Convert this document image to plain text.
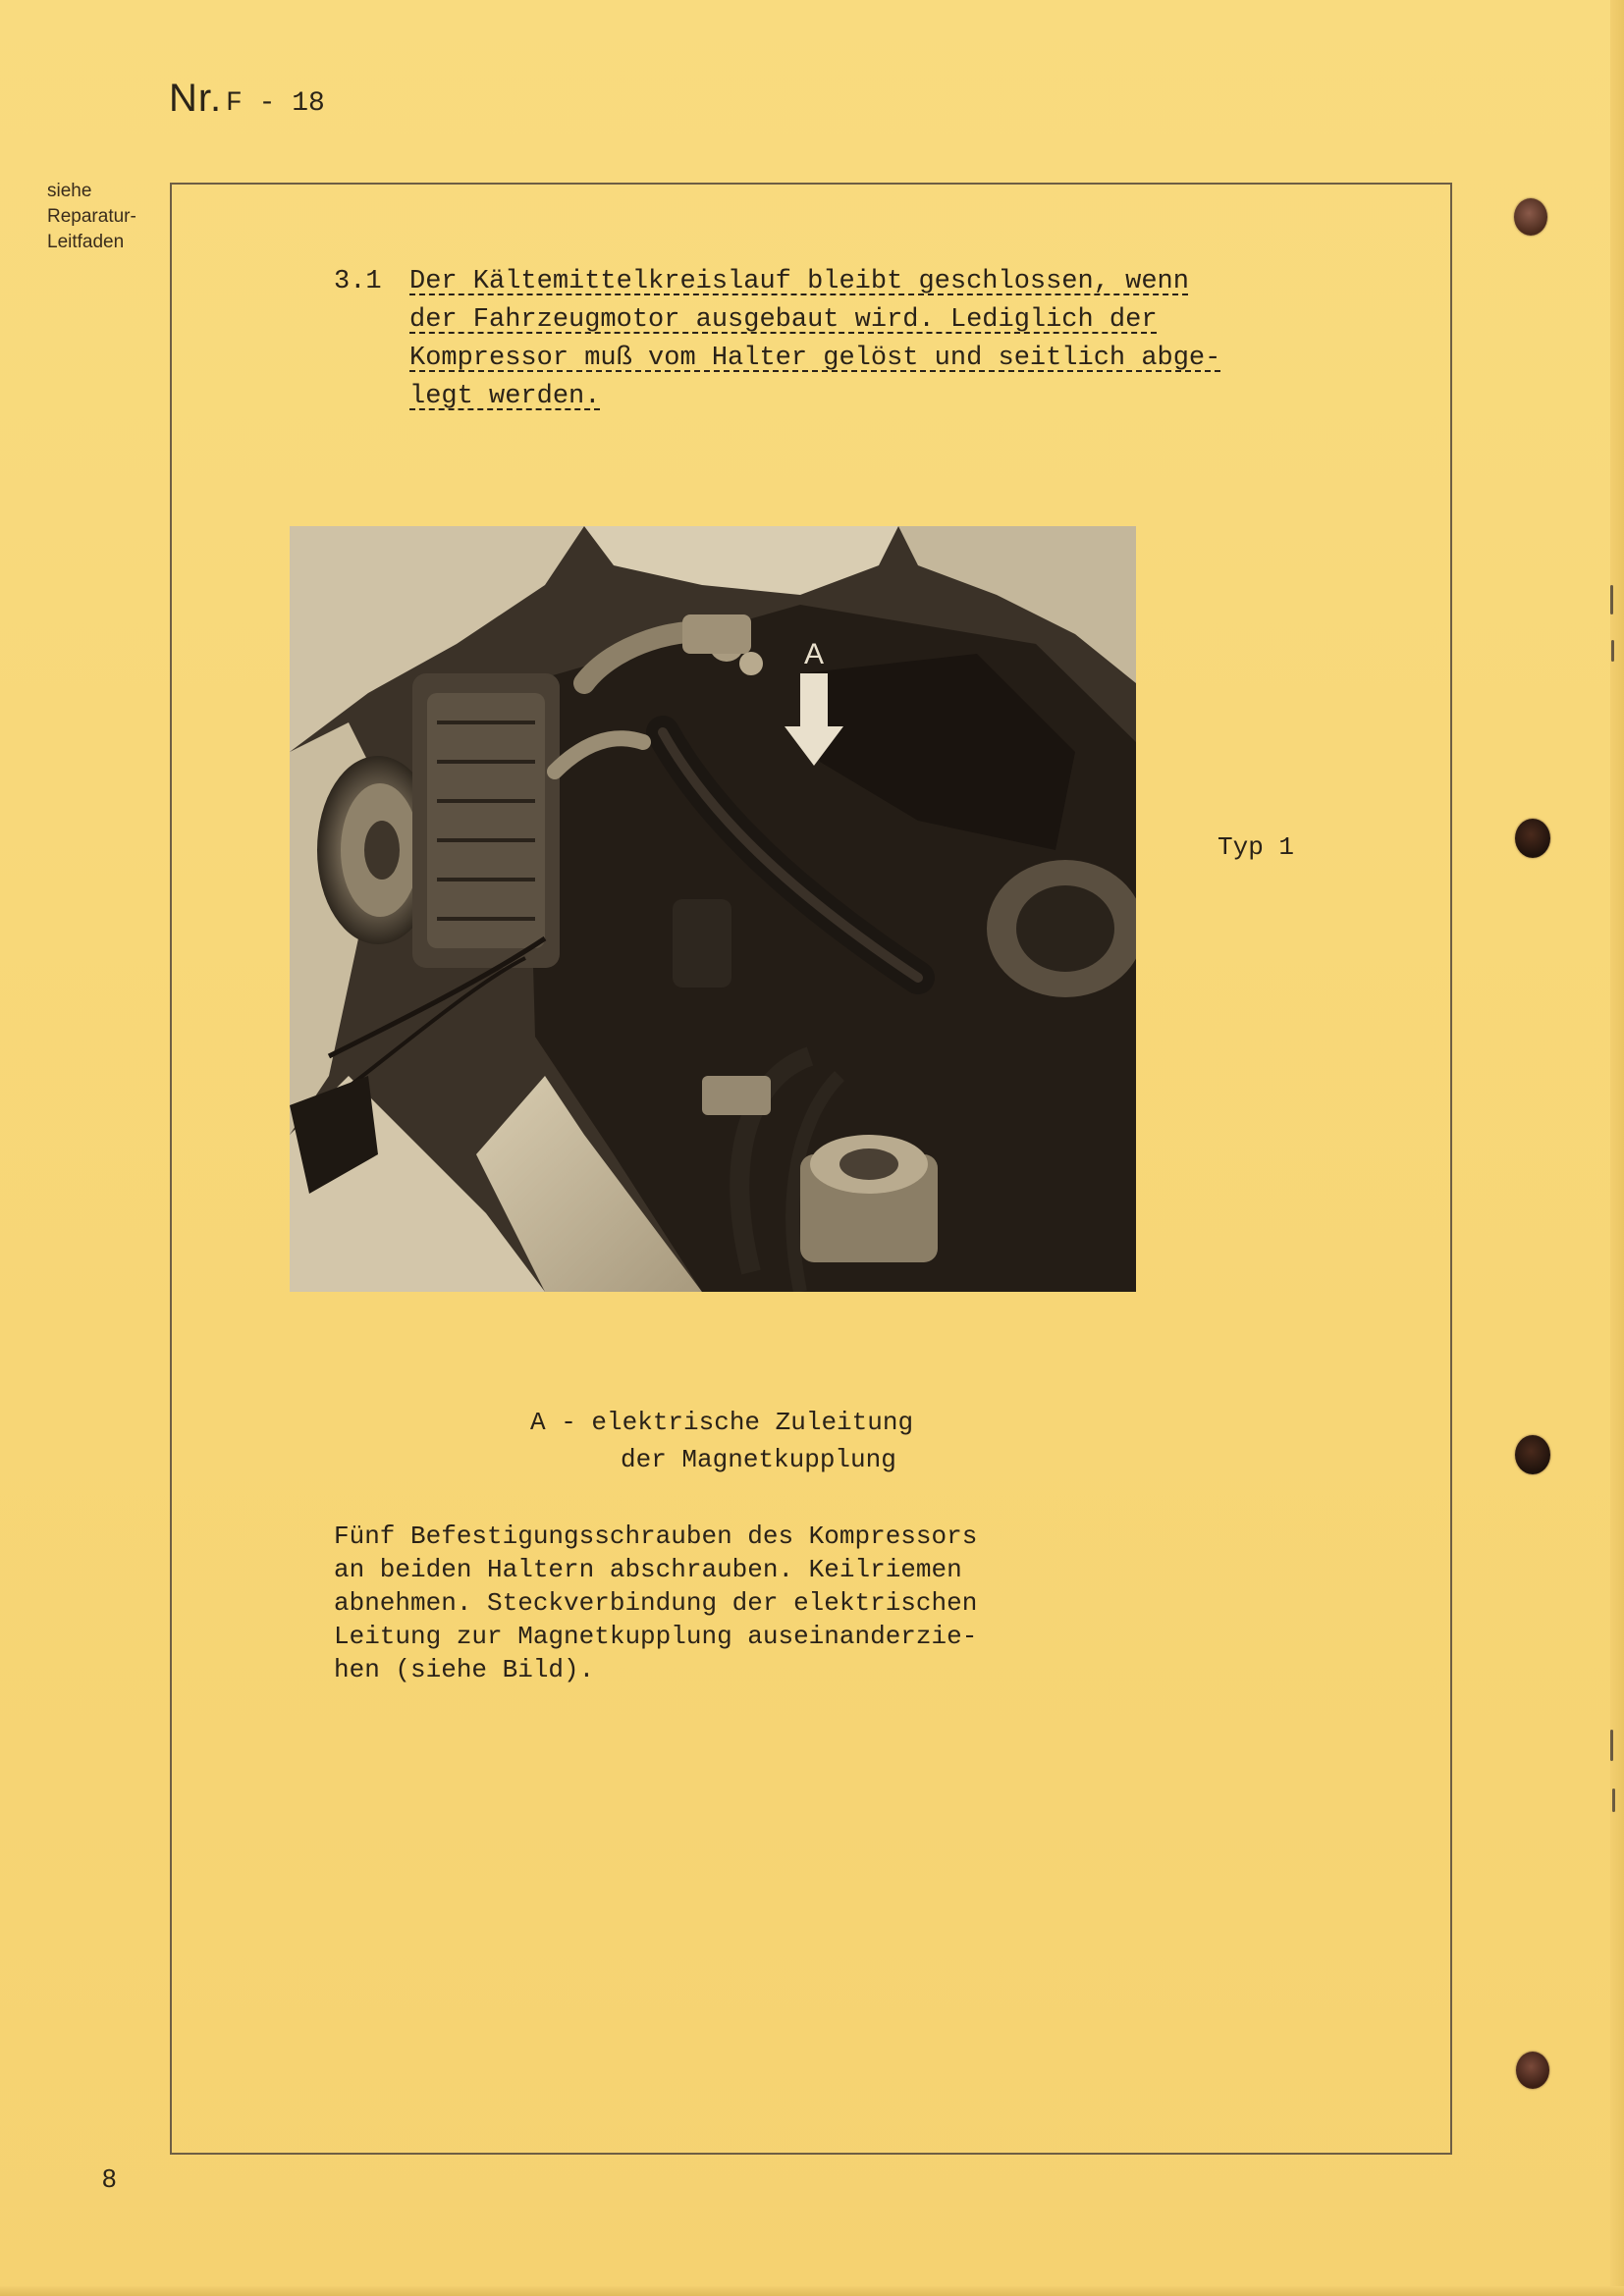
Nr. F - 18
siehe
Reparatur-
Leitfaden
3.1 Der Kältemittelkreislauf bleibt geschlossen, wenn
der Fahrzeugmotor ausgebaut wird. Lediglich der
Kompressor muß vom Halter gelöst und seitlich abge-
legt werden.
A
Typ 1
A - elektrische Zuleitung
der Magnetkupplung
Fünf Befestigungsschrauben des Kompressors
an beiden Haltern abschrauben. Keilriemen
abnehmen. Steckverbindung der elektrischen
Leitung zur Magnetkupplung auseinanderzie-
hen (siehe Bild).
8
